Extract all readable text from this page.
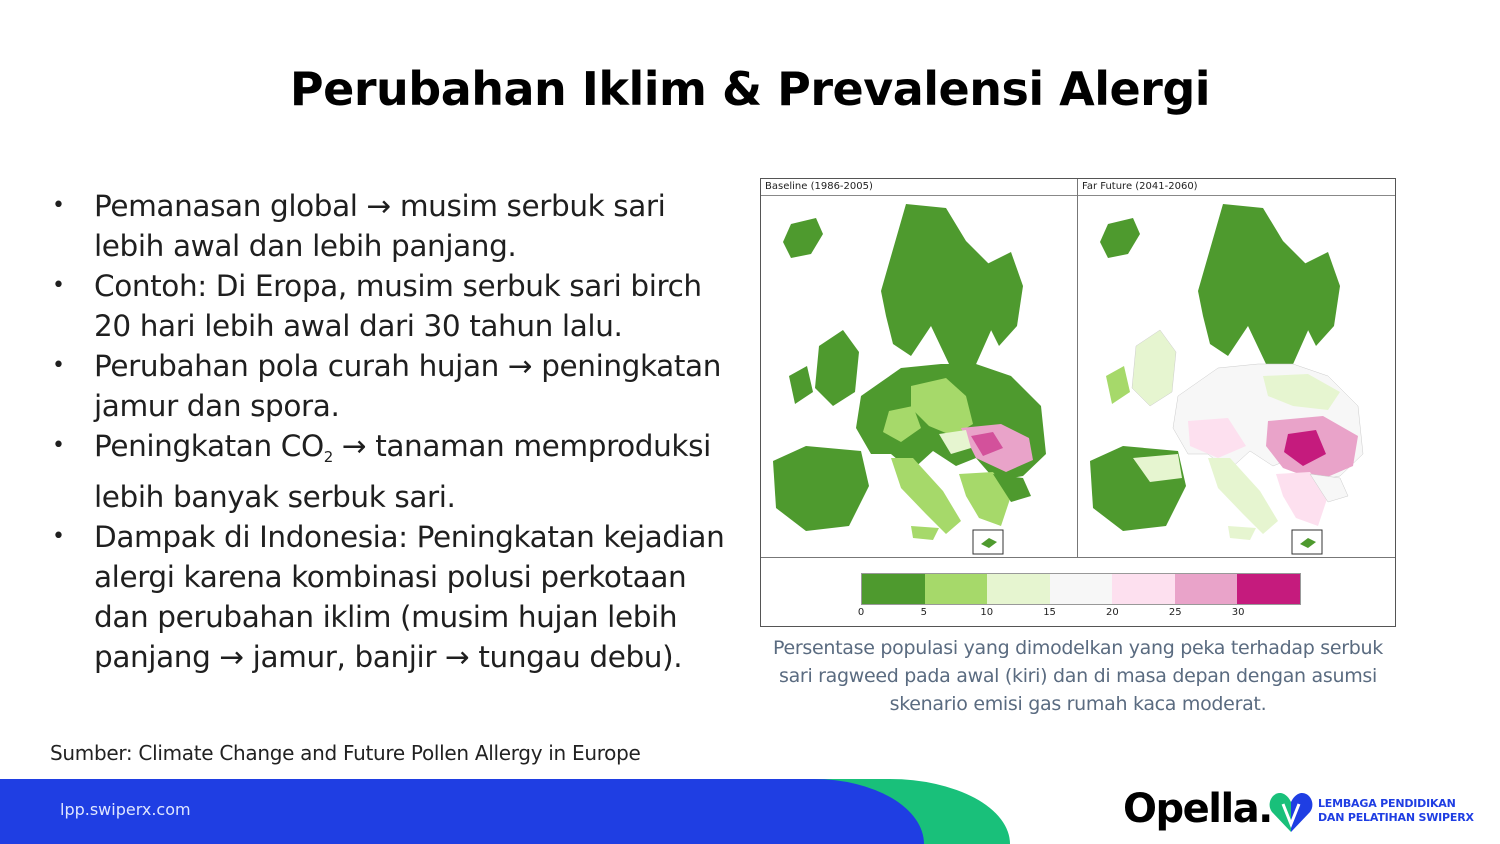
Perubahan Iklim & Prevalensi Alergi
• Pemanasan global → musim serbuk sari lebih awal dan lebih panjang.
• Contoh: Di Eropa, musim serbuk sari birch 20 hari lebih awal dari 30 tahun lalu.
• Perubahan pola curah hujan → peningkatan jamur dan spora.
• Peningkatan $CO_2$ → tanaman memproduksi lebih banyak serbuk sari.
• Dampak di Indonesia: Peningkatan kejadian alergi karena kombinasi polusi perkotaan dan perubahan iklim (musim hujan lebih panjang → jamur, banjir → tungau debu).
Sumber: Climate Change and Future Pollen Allergy in Europe
Baseline (1986-2005)	Far Future (2041-2060)
0	5	10	15	20	25	30
Persentase populasi yang dimodelkan yang peka terhadap serbuk sari ragweed pada awal (kiri) dan di masa depan dengan asumsi skenario emisi gas rumah kaca moderat.
lpp.swiperx.com	Opella.	LEMBAGA PENDIDIKAN
DAN PELATIHAN SWIPERX
